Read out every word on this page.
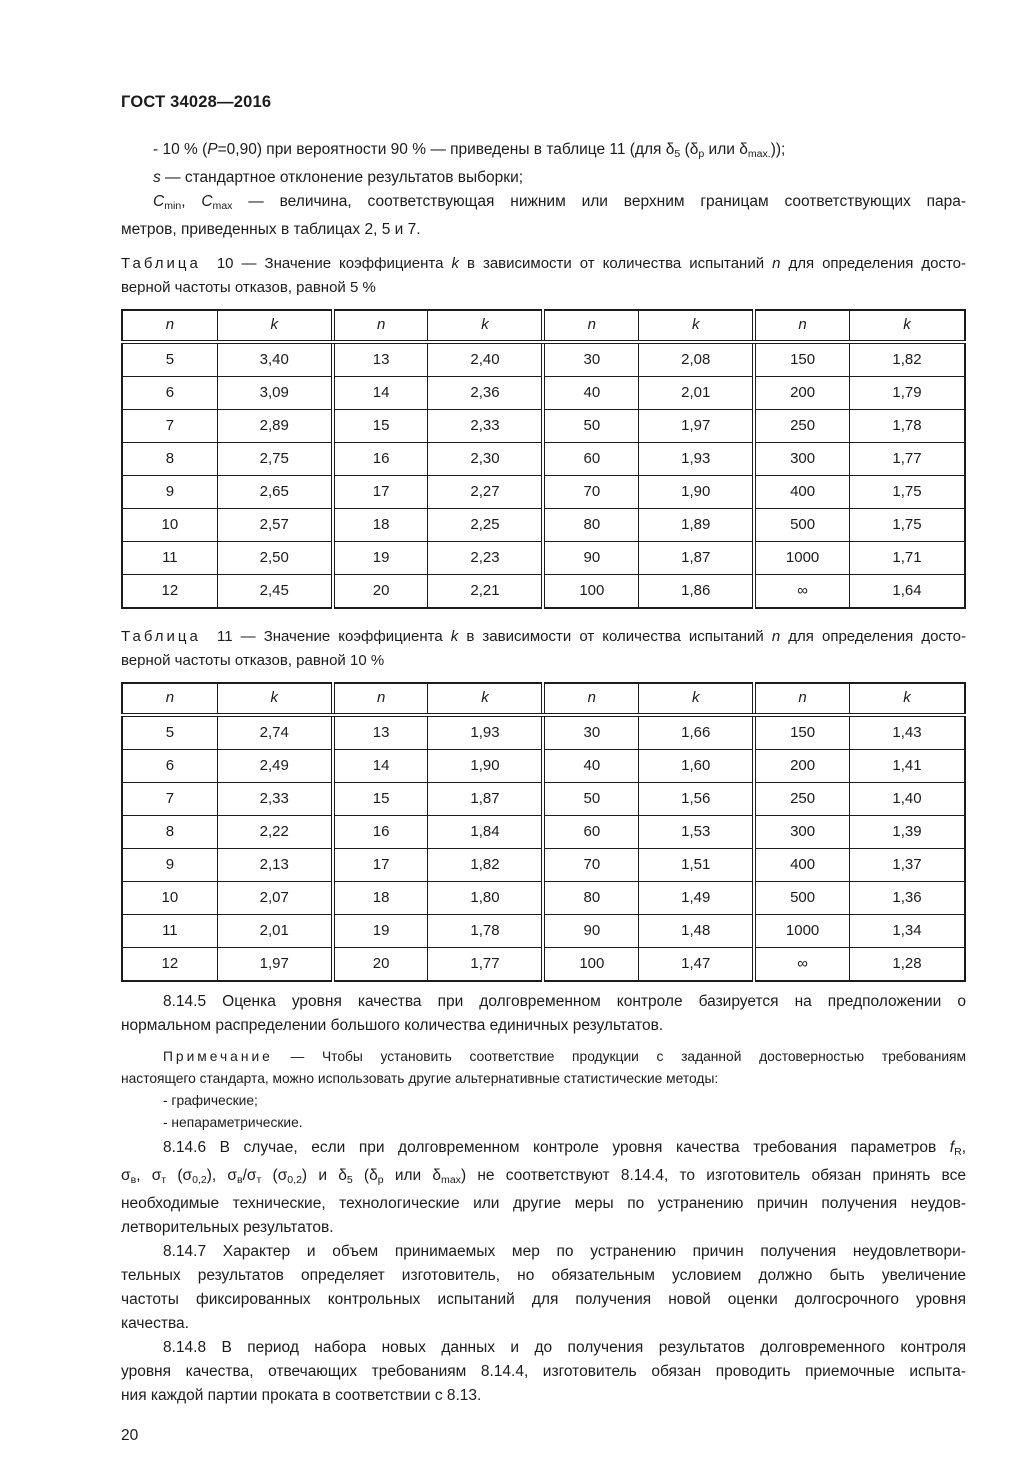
ГОСТ 34028—2016
- 10 % (P=0,90) при вероятности 90 % — приведены в таблице 11 (для δ5 (δр или δmax.));
s — стандартное отклонение результатов выборки;
Cmin, Cmax — величина, соответствующая нижним или верхним границам соответствующих пара-
метров, приведенных в таблицах 2, 5 и 7.
Таблица  10 — Значение коэффициента k в зависимости от количества испытаний n для определения досто-
верной частоты отказов, равной 5 %
n	k	n	k	n	k	n	k
5	3,40	13	2,40	30	2,08	150	1,82
6	3,09	14	2,36	40	2,01	200	1,79
7	2,89	15	2,33	50	1,97	250	1,78
8	2,75	16	2,30	60	1,93	300	1,77
9	2,65	17	2,27	70	1,90	400	1,75
10	2,57	18	2,25	80	1,89	500	1,75
11	2,50	19	2,23	90	1,87	1000	1,71
12	2,45	20	2,21	100	1,86	∞	1,64
Таблица  11 — Значение коэффициента k в зависимости от количества испытаний n для определения досто-
верной частоты отказов, равной 10 %
n	k	n	k	n	k	n	k
5	2,74	13	1,93	30	1,66	150	1,43
6	2,49	14	1,90	40	1,60	200	1,41
7	2,33	15	1,87	50	1,56	250	1,40
8	2,22	16	1,84	60	1,53	300	1,39
9	2,13	17	1,82	70	1,51	400	1,37
10	2,07	18	1,80	80	1,49	500	1,36
11	2,01	19	1,78	90	1,48	1000	1,34
12	1,97	20	1,77	100	1,47	∞	1,28
8.14.5 Оценка уровня качества при долговременном контроле базируется на предположении о
нормальном распределении большого количества единичных результатов.
Примечание — Чтобы установить соответствие продукции с заданной достоверностью требованиям
настоящего стандарта, можно использовать другие альтернативные статистические методы:
- графические;
- непараметрические.
8.14.6 В случае, если при долговременном контроле уровня качества требования параметров fR,
σв, σт (σ0,2), σв/σт (σ0,2) и δ5 (δр или δmax) не соответствуют 8.14.4, то изготовитель обязан принять все
необходимые технические, технологические или другие меры по устранению причин получения неудов-
летворительных результатов.
8.14.7 Характер и объем принимаемых мер по устранению причин получения неудовлетвори-
тельных результатов определяет изготовитель, но обязательным условием должно быть увеличение
частоты фиксированных контрольных испытаний для получения новой оценки долгосрочного уровня
качества.
8.14.8 В период набора новых данных и до получения результатов долговременного контроля
уровня качества, отвечающих требованиям 8.14.4, изготовитель обязан проводить приемочные испыта-
ния каждой партии проката в соответствии с 8.13.
20
